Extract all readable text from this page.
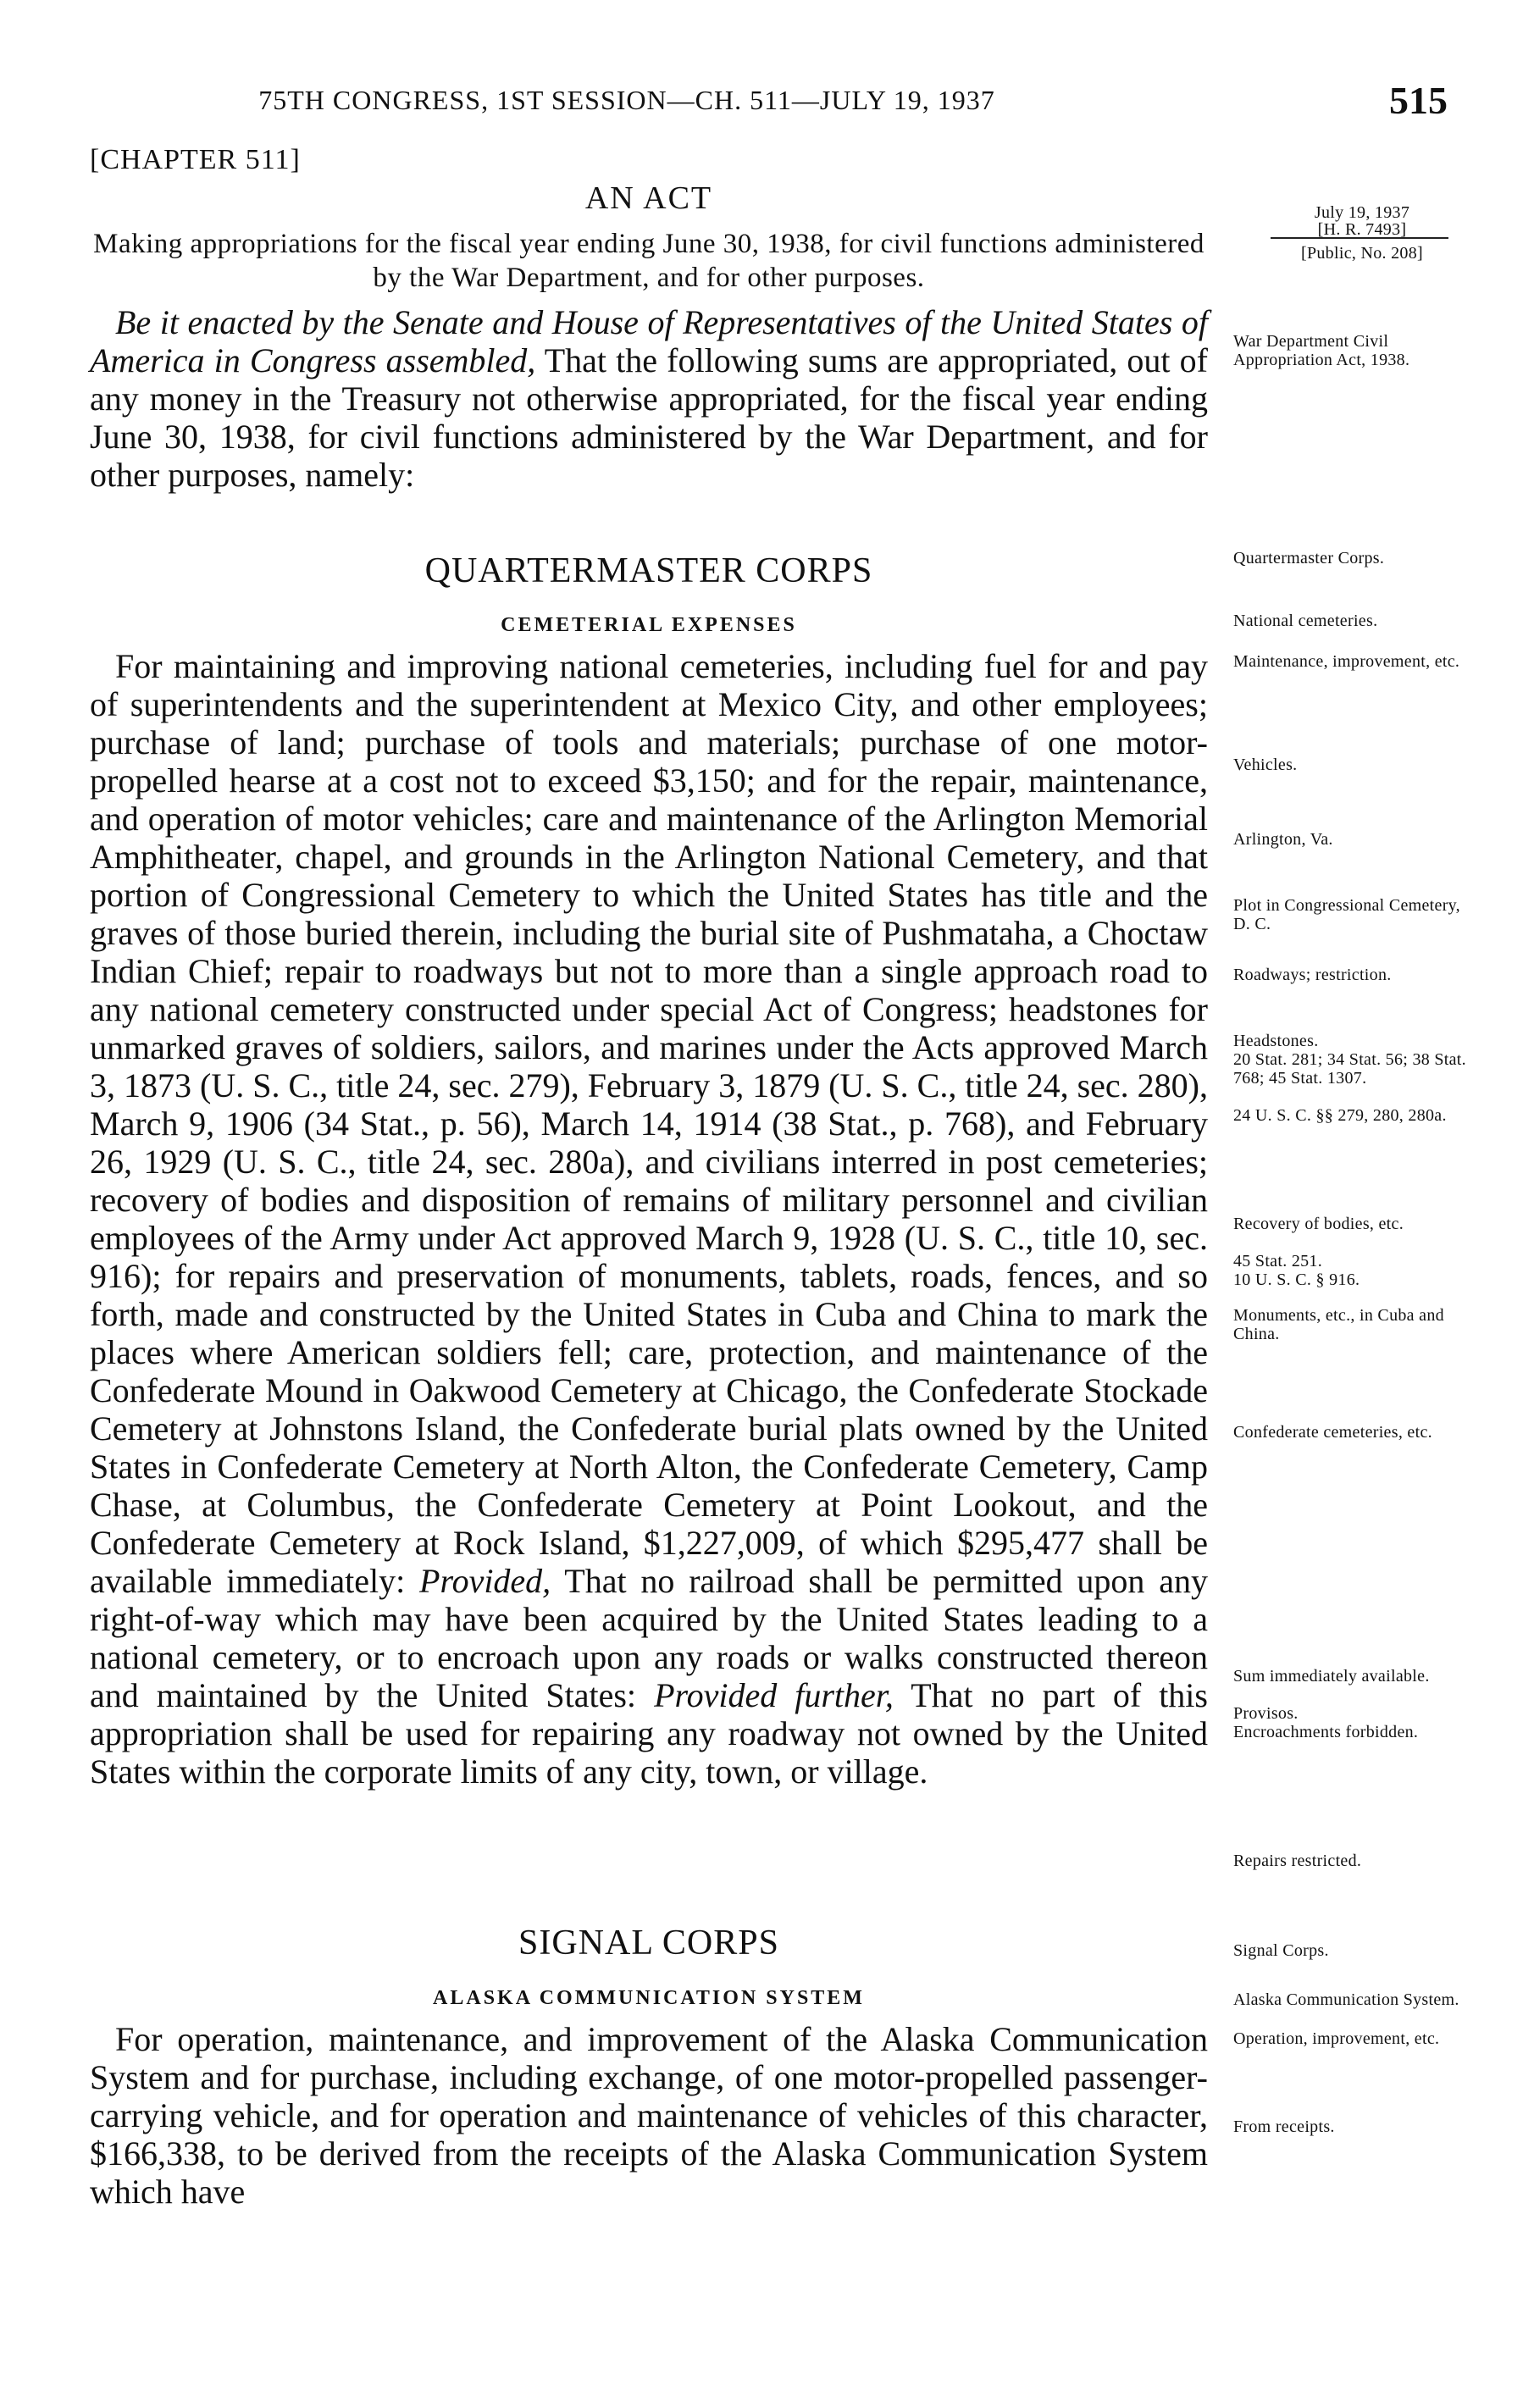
75TH CONGRESS, 1ST SESSION—CH. 511—JULY 19, 1937	515
[CHAPTER 511]
AN ACT
Making appropriations for the fiscal year ending June 30, 1938, for civil functions administered by the War Department, and for other purposes.

Be it enacted by the Senate and House of Representatives of the United States of America in Congress assembled, That the following sums are appropriated, out of any money in the Treasury not otherwise appropriated, for the fiscal year ending June 30, 1938, for civil functions administered by the War Department, and for other purposes, namely:

QUARTERMASTER CORPS
CEMETERIAL EXPENSES

For maintaining and improving national cemeteries, including fuel for and pay of superintendents and the superintendent at Mexico City, and other employees; purchase of land; purchase of tools and materials; purchase of one motor-propelled hearse at a cost not to exceed $3,150; and for the repair, maintenance, and operation of motor vehicles; care and maintenance of the Arlington Memorial Amphitheater, chapel, and grounds in the Arlington National Cemetery, and that portion of Congressional Cemetery to which the United States has title and the graves of those buried therein, including the burial site of Pushmataha, a Choctaw Indian Chief; repair to roadways but not to more than a single approach road to any national cemetery constructed under special Act of Congress; headstones for unmarked graves of soldiers, sailors, and marines under the Acts approved March 3, 1873 (U. S. C., title 24, sec. 279), February 3, 1879 (U. S. C., title 24, sec. 280), March 9, 1906 (34 Stat., p. 56), March 14, 1914 (38 Stat., p. 768), and February 26, 1929 (U. S. C., title 24, sec. 280a), and civilians interred in post cemeteries; recovery of bodies and disposition of remains of military personnel and civilian employees of the Army under Act approved March 9, 1928 (U. S. C., title 10, sec. 916); for repairs and preservation of monuments, tablets, roads, fences, and so forth, made and constructed by the United States in Cuba and China to mark the places where American soldiers fell; care, protection, and maintenance of the Confederate Mound in Oakwood Cemetery at Chicago, the Confederate Stockade Cemetery at Johnstons Island, the Confederate burial plats owned by the United States in Confederate Cemetery at North Alton, the Confederate Cemetery, Camp Chase, at Columbus, the Confederate Cemetery at Point Lookout, and the Confederate Cemetery at Rock Island, $1,227,009, of which $295,477 shall be available immediately: Provided, That no railroad shall be permitted upon any right-of-way which may have been acquired by the United States leading to a national cemetery, or to encroach upon any roads or walks constructed thereon and maintained by the United States: Provided further, That no part of this appropriation shall be used for repairing any roadway not owned by the United States within the corporate limits of any city, town, or village.

SIGNAL CORPS
ALASKA COMMUNICATION SYSTEM

For operation, maintenance, and improvement of the Alaska Communication System and for purchase, including exchange, of one motor-propelled passenger-carrying vehicle, and for operation and maintenance of vehicles of this character, $166,338, to be derived from the receipts of the Alaska Communication System which have

July 19, 1937
[H. R. 7493]
[Public, No. 208]
War Department Civil Appropriation Act, 1938.
Quartermaster Corps.
National cemeteries.
Maintenance, improvement, etc.
Vehicles.
Arlington, Va.
Plot in Congressional Cemetery, D. C.
Roadways; restriction.
Headstones.
20 Stat. 281; 34 Stat. 56; 38 Stat. 768; 45 Stat. 1307.
24 U. S. C. §§ 279, 280, 280a.
Recovery of bodies, etc.
45 Stat. 251.
10 U. S. C. § 916.
Monuments, etc., in Cuba and China.
Confederate cemeteries, etc.
Sum immediately available.
Provisos.
Encroachments forbidden.
Repairs restricted.
Signal Corps.
Alaska Communication System.
Operation, improvement, etc.
From receipts.
